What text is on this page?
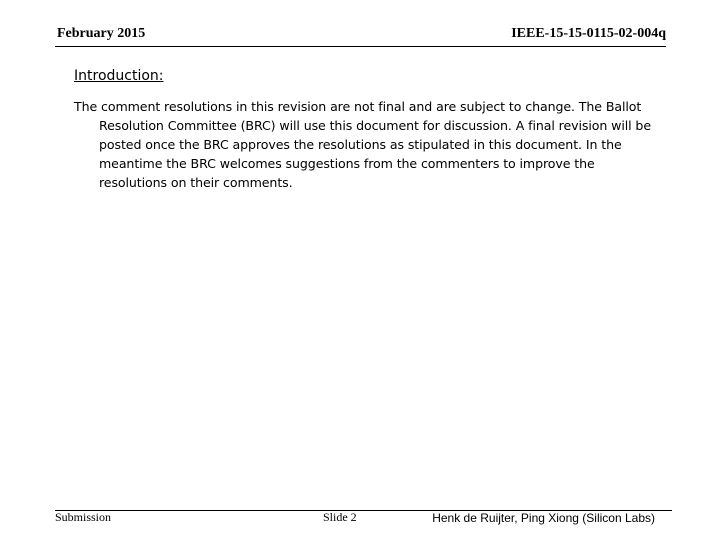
February 2015	IEEE-15-15-0115-02-004q
Introduction:

The comment resolutions in this revision are not final and are subject to change. The Ballot Resolution Committee (BRC) will use this document for discussion. A final revision will be posted once the BRC approves the resolutions as stipulated in this document. In the meantime the BRC welcomes suggestions from the commenters to improve the resolutions on their comments.

Submission	Slide 2	Henk de Ruijter, Ping Xiong (Silicon Labs)
